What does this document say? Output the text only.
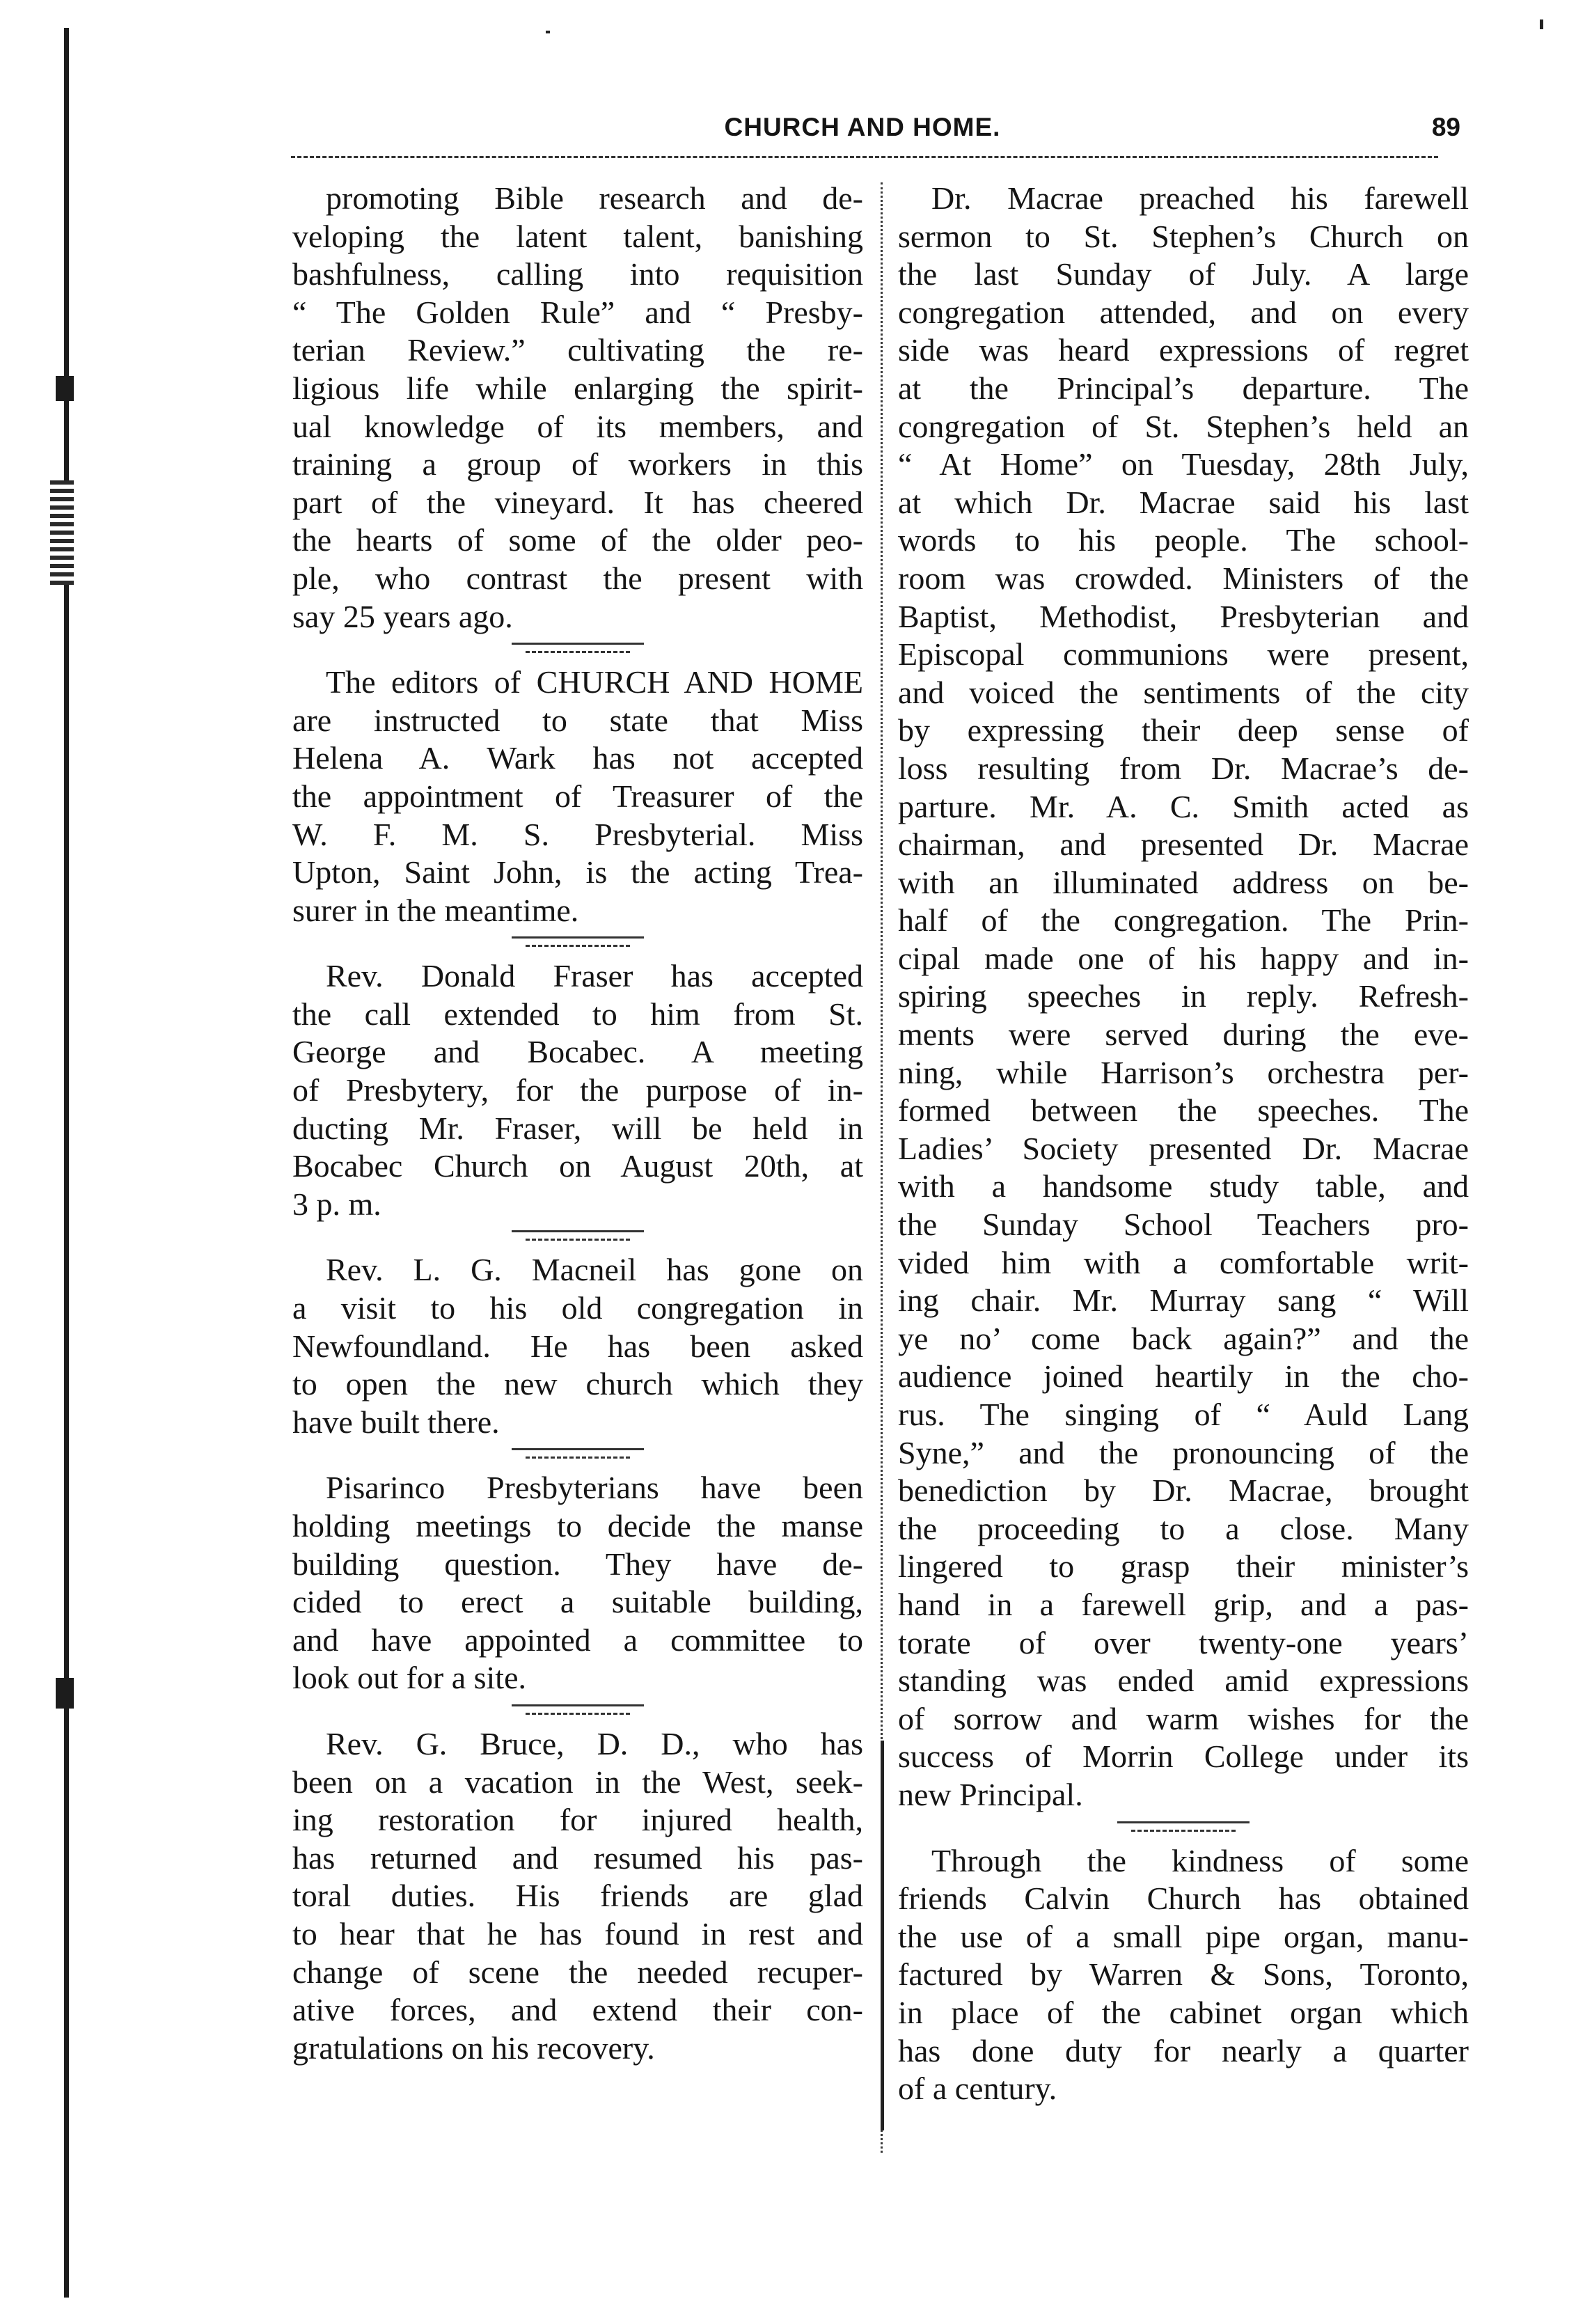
CHURCH AND HOME.	89

promoting Bible research and de-
veloping the latent talent, banishing
bashfulness, calling into requisition
“ The Golden Rule” and “ Presby-
terian Review.” cultivating the re-
ligious life while enlarging the spirit-
ual knowledge of its members, and
training a group of workers in this
part of the vineyard. It has cheered
the hearts of some of the older peo-
ple, who contrast the present with
say 25 years ago.

The editors of CHURCH AND HOME
are instructed to state that Miss
Helena A. Wark has not accepted
the appointment of Treasurer of the
W. F. M. S. Presbyterial. Miss
Upton, Saint John, is the acting Trea-
surer in the meantime.

Rev. Donald Fraser has accepted
the call extended to him from St.
George and Bocabec. A meeting
of Presbytery, for the purpose of in-
ducting Mr. Fraser, will be held in
Bocabec Church on August 20th, at
3 p. m.

Rev. L. G. Macneil has gone on
a visit to his old congregation in
Newfoundland. He has been asked
to open the new church which they
have built there.

Pisarinco Presbyterians have been
holding meetings to decide the manse
building question. They have de-
cided to erect a suitable building,
and have appointed a committee to
look out for a site.

Rev. G. Bruce, D. D., who has
been on a vacation in the West, seek-
ing restoration for injured health,
has returned and resumed his pas-
toral duties. His friends are glad
to hear that he has found in rest and
change of scene the needed recuper-
ative forces, and extend their con-
gratulations on his recovery.

Dr. Macrae preached his farewell
sermon to St. Stephen’s Church on
the last Sunday of July. A large
congregation attended, and on every
side was heard expressions of regret
at the Principal’s departure. The
congregation of St. Stephen’s held an
“ At Home” on Tuesday, 28th July,
at which Dr. Macrae said his last
words to his people. The school-
room was crowded. Ministers of the
Baptist, Methodist, Presbyterian and
Episcopal communions were present,
and voiced the sentiments of the city
by expressing their deep sense of
loss resulting from Dr. Macrae’s de-
parture. Mr. A. C. Smith acted as
chairman, and presented Dr. Macrae
with an illuminated address on be-
half of the congregation. The Prin-
cipal made one of his happy and in-
spiring speeches in reply. Refresh-
ments were served during the eve-
ning, while Harrison’s orchestra per-
formed between the speeches. The
Ladies’ Society presented Dr. Macrae
with a handsome study table, and
the Sunday School Teachers pro-
vided him with a comfortable writ-
ing chair. Mr. Murray sang “ Will
ye no’ come back again?” and the
audience joined heartily in the cho-
rus. The singing of “ Auld Lang
Syne,” and the pronouncing of the
benediction by Dr. Macrae, brought
the proceeding to a close. Many
lingered to grasp their minister’s
hand in a farewell grip, and a pas-
torate of over twenty-one years’
standing was ended amid expressions
of sorrow and warm wishes for the
success of Morrin College under its
new Principal.

Through the kindness of some
friends Calvin Church has obtained
the use of a small pipe organ, manu-
factured by Warren & Sons, Toronto,
in place of the cabinet organ which
has done duty for nearly a quarter
of a century.
